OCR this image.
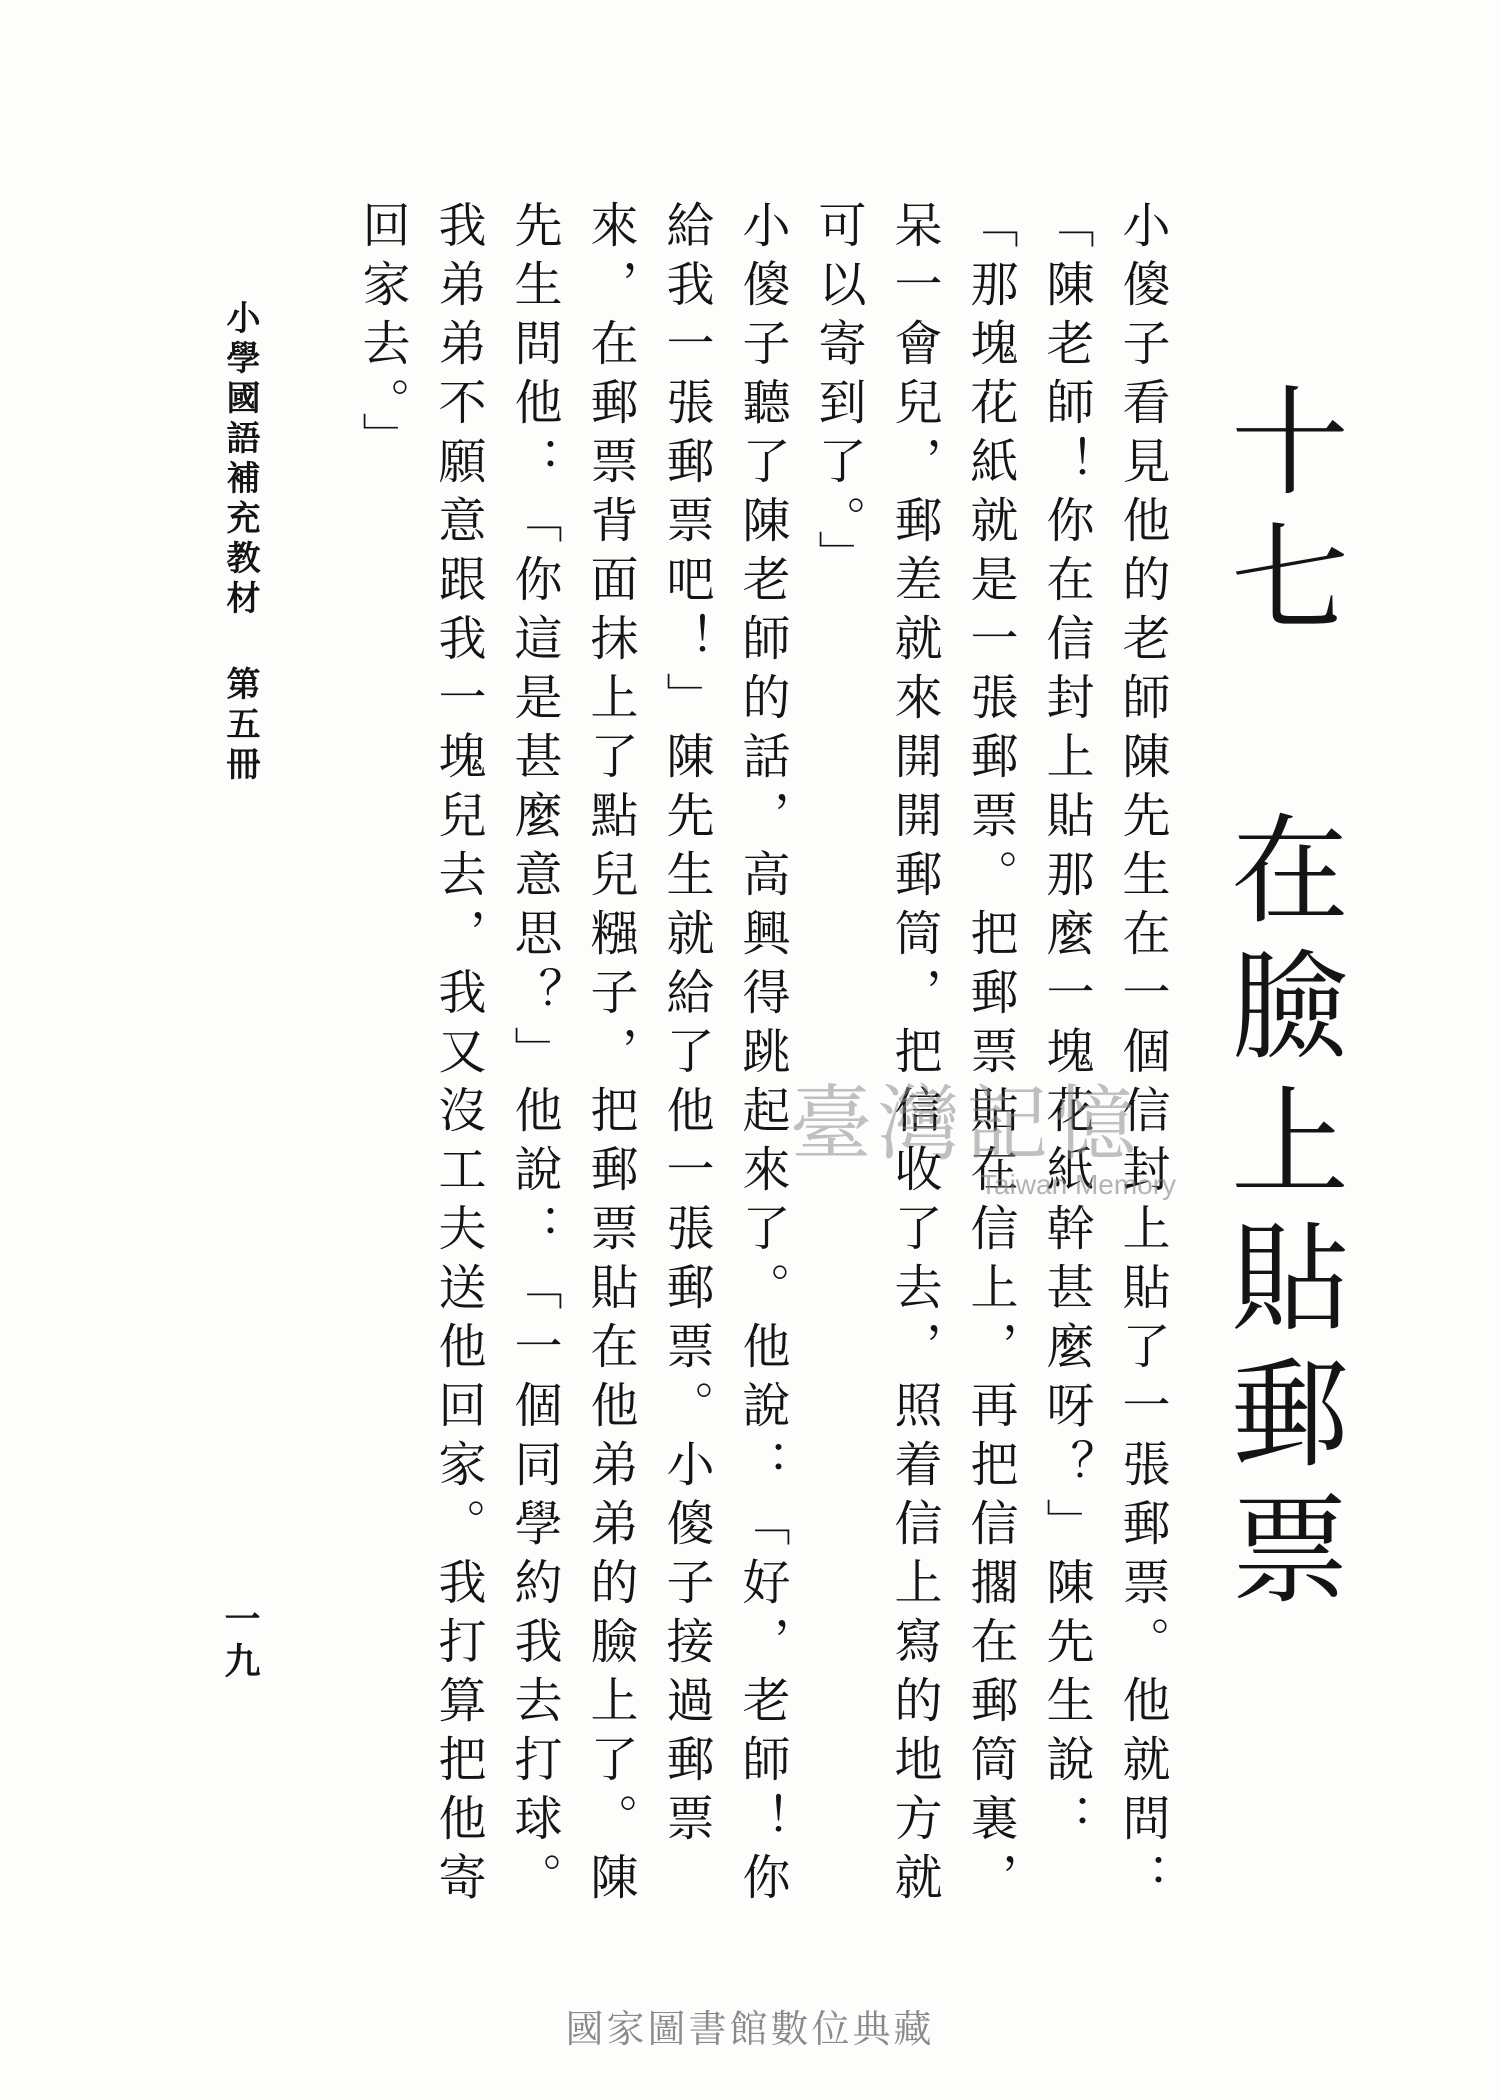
十七 在臉上貼郵票

小傻子看見他的老師陳先生在一個信封上貼了一張郵票。他就問：「陳老師！你在信封上貼那麼一塊花紙幹甚麼呀？」陳先生說：「那塊花紙就是一張郵票。把郵票貼在信上，再把信擱在郵筒裏，呆一會兒，郵差就來開開郵筒，把信收了去，照着信上寫的地方就可以寄到了。」

小傻子聽了陳老師的話，高興得跳起來了。他說：「好，老師！你給我一張郵票吧！」陳先生就給了他一張郵票。小傻子接過郵票來，在郵票背面抹上了點兒糨子，把郵票貼在他弟弟的臉上了。陳先生問他：「你這是甚麼意思？」他說：「一個同學約我去打球。我弟弟不願意跟我一塊兒去，我又沒工夫送他回家。我打算把他寄回家去。」

小學國語補充教材 第五冊
一九
臺灣記憶
Taiwan Memory
國家圖書館數位典藏
